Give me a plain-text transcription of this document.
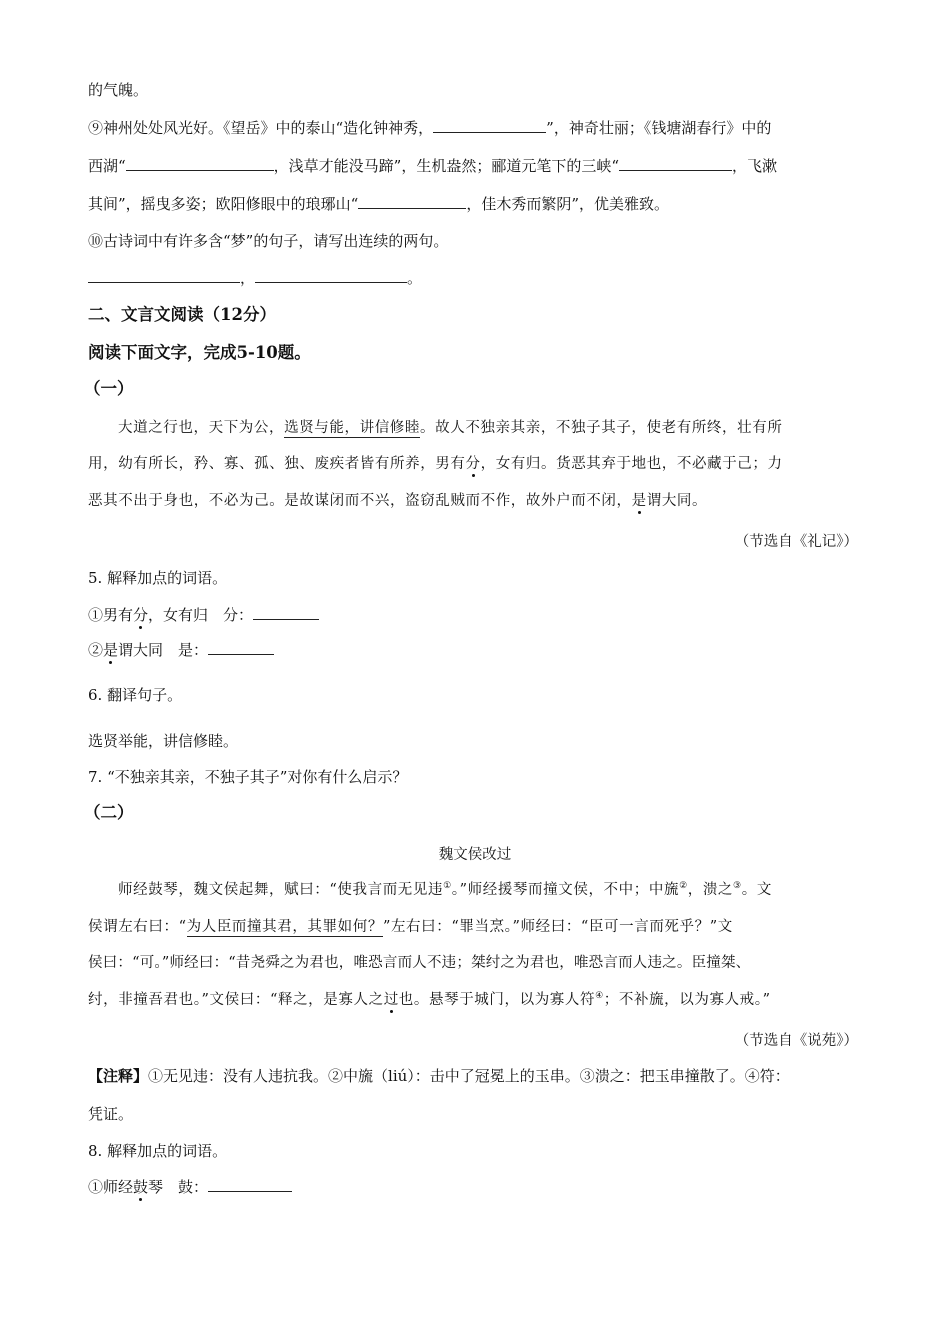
的气魄。
⑨神州处处风光好。《望岳》中的泰山“造化钟神秀，	”，神奇壮丽；《钱塘湖春行》中的
西湖“	，浅草才能没马蹄”，生机盎然；郦道元笔下的三峡“	，飞漱
其间”，摇曳多姿；欧阳修眼中的琅琊山“	，佳木秀而繁阴”，优美雅致。
⑩古诗词中有许多含“梦”的句子，请写出连续的两句。
，	。
二、文言文阅读（12分）
阅读下面文字，完成5-10题。
（一）
大道之行也，天下为公，选贤与能，讲信修睦。故人不独亲其亲，不独子其子，使老有所终，壮有所
用，幼有所长，矜、寡、孤、独、废疾者皆有所养，男有分，女有归。货恶其弃于地也，不必藏于己；力
恶其不出于身也，不必为己。是故谋闭而不兴，盗窃乱贼而不作，故外户而不闭，是谓大同。
（节选自《礼记》）
5. 解释加点的词语。
①男有分，女有归　分：
②是谓大同　是：
6. 翻译句子。
选贤举能，讲信修睦。
7. “不独亲其亲，不独子其子”对你有什么启示？
（二）
魏文侯改过
师经鼓琴，魏文侯起舞，赋曰：“使我言而无见违①。”师经援琴而撞文侯，不中；中旒②，溃之③。文
侯谓左右曰：“为人臣而撞其君，其罪如何？”左右曰：“罪当烹。”师经曰：“臣可一言而死乎？”文
侯曰：“可。”师经曰：“昔尧舜之为君也，唯恐言而人不违；桀纣之为君也，唯恐言而人违之。臣撞桀、
纣，非撞吾君也。”文侯曰：“释之，是寡人之过也。悬琴于城门，以为寡人符④；不补旒，以为寡人戒。”
（节选自《说苑》）
【注释】①无见违：没有人违抗我。②中旒（liú）：击中了冠冕上的玉串。③溃之：把玉串撞散了。④符：
凭证。
8. 解释加点的词语。
①师经鼓琴　鼓：
